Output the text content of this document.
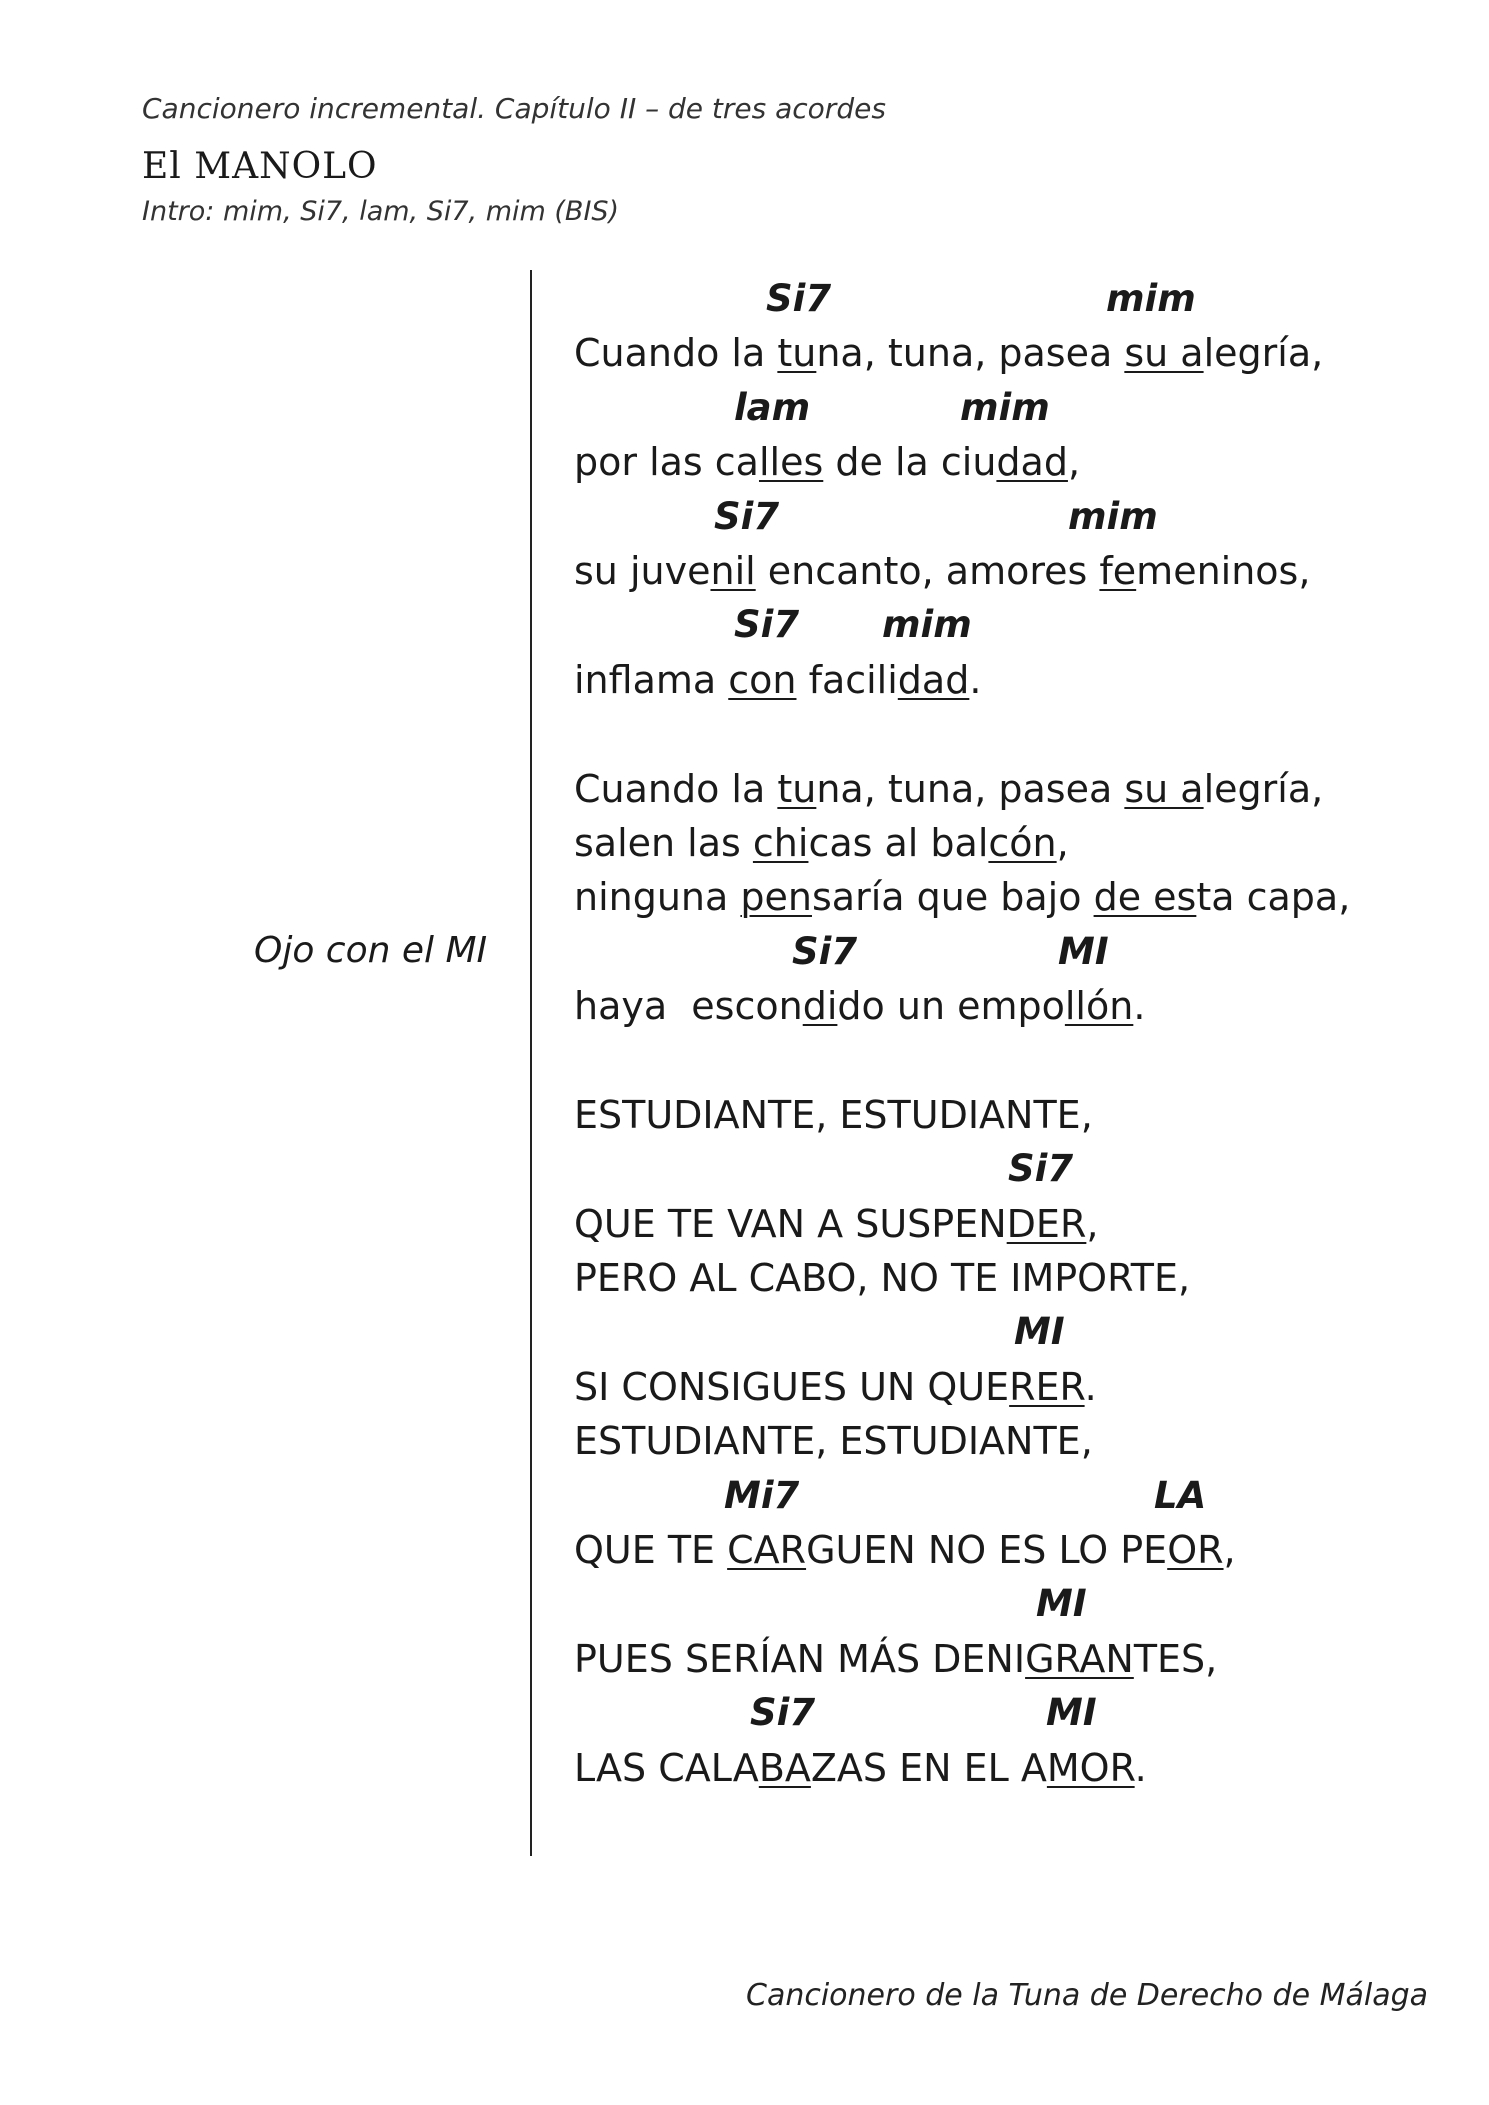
Cancionero incremental. Capítulo II – de tres acordes
El MANOLO
Intro: mim, Si7, lam, Si7, mim (BIS)
Ojo con el MI

Si7

	mim

Cuando la tuna, tuna, pasea su alegría,

lam

	mim

por las calles de la ciudad,

Si7

	mim

su juvenil encanto, amores femeninos,

Si7

mim

inflama con facilidad.
Cuando la tuna, tuna, pasea su alegría,
salen las chicas al balcón,
ninguna pensaría que bajo de esta capa,

Si7

	MI

haya  escondido un empollón.
ESTUDIANTE, ESTUDIANTE,

Si7

QUE TE VAN A SUSPENDER,
PERO AL CABO, NO TE IMPORTE,

MI

SI CONSIGUES UN QUERER.
ESTUDIANTE, ESTUDIANTE,

Mi7

	LA

QUE TE CARGUEN NO ES LO PEOR,

MI

PUES SERÍAN MÁS DENIGRANTES,

Si7

	MI

LAS CALABAZAS EN EL AMOR.
Cancionero de la Tuna de Derecho de Málaga
